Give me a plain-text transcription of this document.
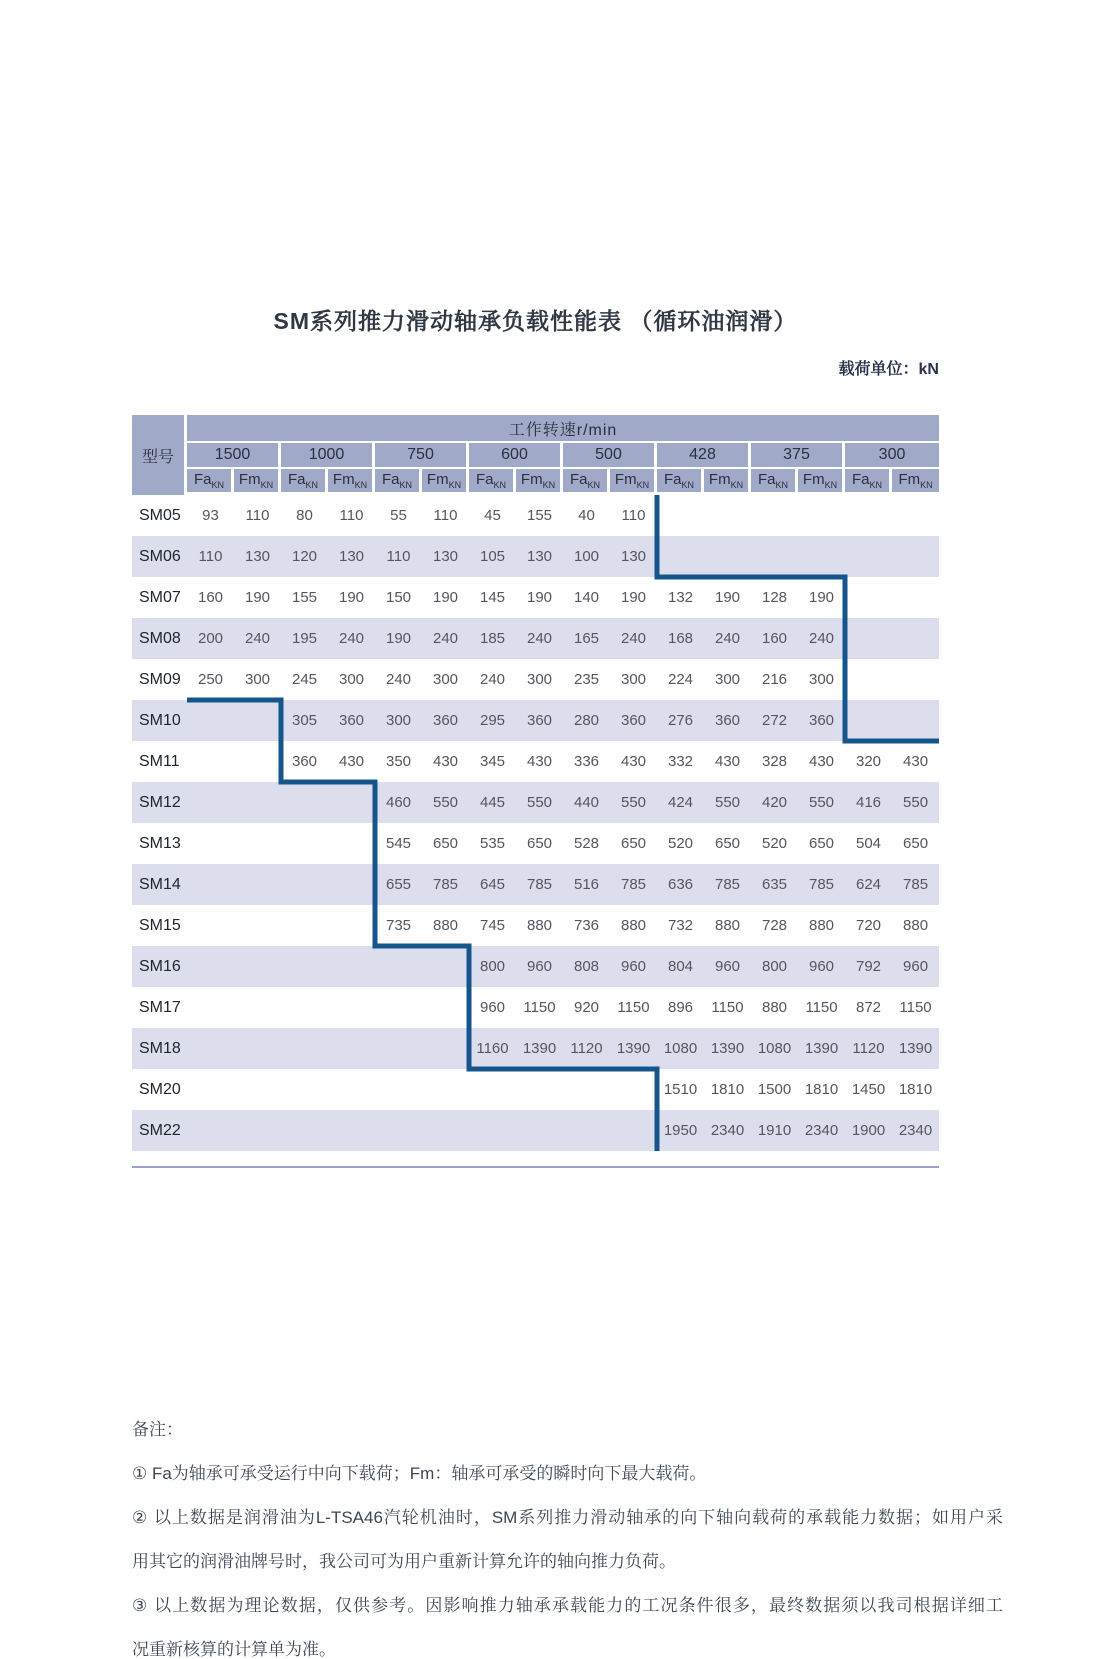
SM系列推力滑动轴承负载性能表 （循环油润滑）
载荷单位：kN
型号	工作转速r/min															
	1500		1000		750		600		500		428		375		300	
	$Fa_{KN}$	$Fm_{KN}$	$Fa_{KN}$	$Fm_{KN}$	$Fa_{KN}$	$Fm_{KN}$	$Fa_{KN}$	$Fm_{KN}$	$Fa_{KN}$	$Fm_{KN}$	$Fa_{KN}$	$Fm_{KN}$	$Fa_{KN}$	$Fm_{KN}$	$Fa_{KN}$	$Fm_{KN}$
SM05	93	110	80	110	55	110	45	155	40	110						
SM06	110	130	120	130	110	130	105	130	100	130						
SM07	160	190	155	190	150	190	145	190	140	190	132	190	128	190		
SM08	200	240	195	240	190	240	185	240	165	240	168	240	160	240		
SM09	250	300	245	300	240	300	240	300	235	300	224	300	216	300		
SM10			305	360	300	360	295	360	280	360	276	360	272	360		
SM11			360	430	350	430	345	430	336	430	332	430	328	430	320	430
SM12					460	550	445	550	440	550	424	550	420	550	416	550
SM13					545	650	535	650	528	650	520	650	520	650	504	650
SM14					655	785	645	785	516	785	636	785	635	785	624	785
SM15					735	880	745	880	736	880	732	880	728	880	720	880
SM16							800	960	808	960	804	960	800	960	792	960
SM17							960	1150	920	1150	896	1150	880	1150	872	1150
SM18							1160	1390	1120	1390	1080	1390	1080	1390	1120	1390
SM20											1510	1810	1500	1810	1450	1810
SM22											1950	2340	1910	2340	1900	2340
备注：
① Fa为轴承可承受运行中向下载荷；Fm：轴承可承受的瞬时向下最大载荷。
② 以上数据是润滑油为L-TSA46汽轮机油时，SM系列推力滑动轴承的向下轴向载荷的承载能力数据；如用户采
用其它的润滑油牌号时，我公司可为用户重新计算允许的轴向推力负荷。
③ 以上数据为理论数据，仅供参考。因影响推力轴承承载能力的工况条件很多，最终数据须以我司根据详细工
况重新核算的计算单为准。
